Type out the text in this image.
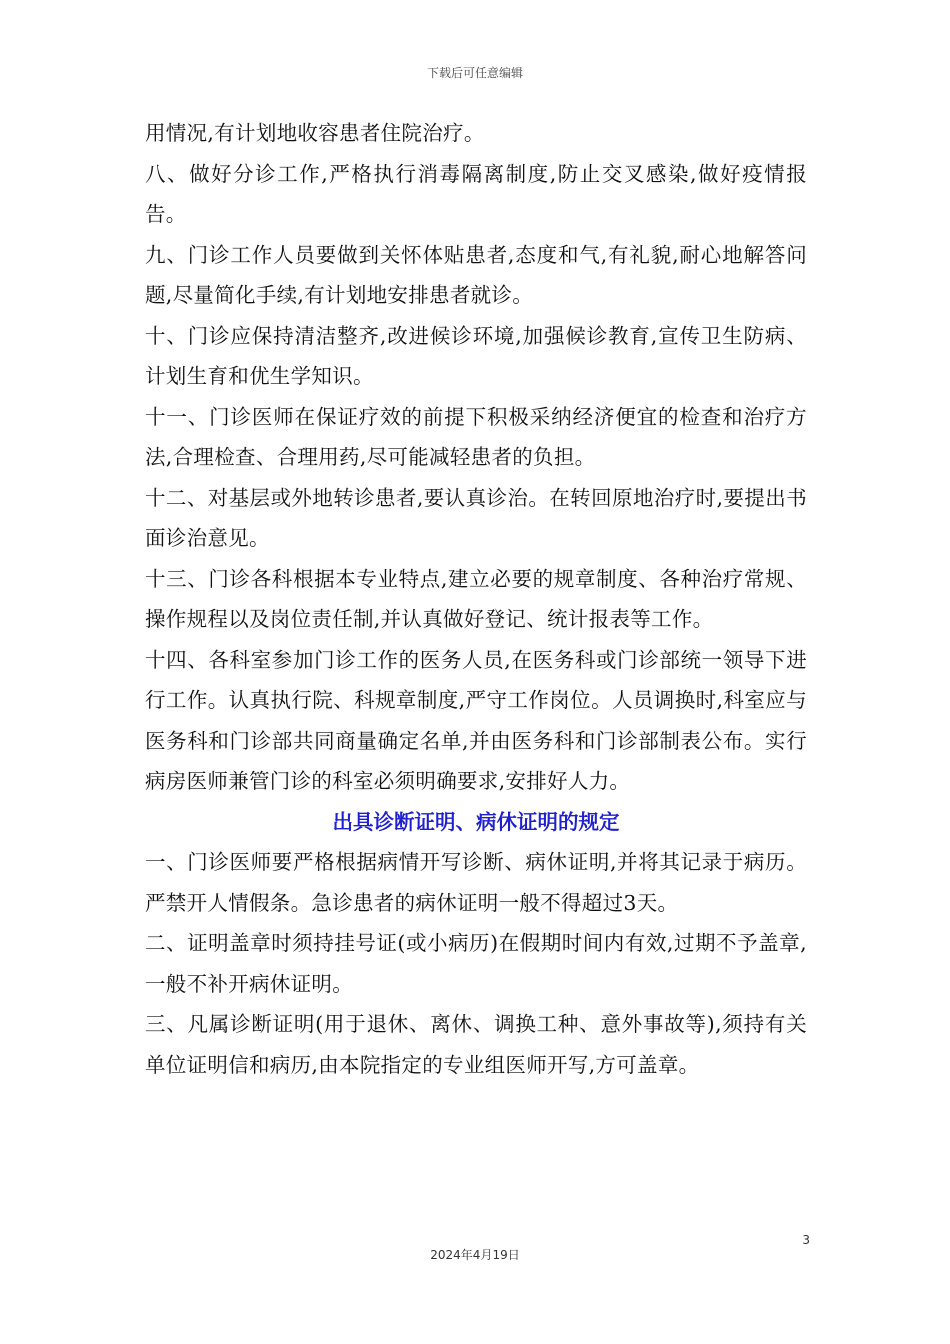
下载后可任意编辑

用情况,有计划地收容患者住院治疗。

八、做好分诊工作,严格执行消毒隔离制度,防止交叉感染,做好疫情报告。

九、门诊工作人员要做到关怀体贴患者,态度和气,有礼貌,耐心地解答问题,尽量简化手续,有计划地安排患者就诊。

十、门诊应保持清洁整齐,改进候诊环境,加强候诊教育,宣传卫生防病、计划生育和优生学知识。

十一、门诊医师在保证疗效的前提下积极采纳经济便宜的检查和治疗方法,合理检查、合理用药,尽可能减轻患者的负担。

十二、对基层或外地转诊患者,要认真诊治。在转回原地治疗时,要提出书面诊治意见。

十三、门诊各科根据本专业特点,建立必要的规章制度、各种治疗常规、操作规程以及岗位责任制,并认真做好登记、统计报表等工作。

十四、各科室参加门诊工作的医务人员,在医务科或门诊部统一领导下进行工作。认真执行院、科规章制度,严守工作岗位。人员调换时,科室应与医务科和门诊部共同商量确定名单,并由医务科和门诊部制表公布。实行病房医师兼管门诊的科室必须明确要求,安排好人力。

出具诊断证明、病休证明的规定

一、门诊医师要严格根据病情开写诊断、病休证明,并将其记录于病历。严禁开人情假条。急诊患者的病休证明一般不得超过3天。

二、证明盖章时须持挂号证(或小病历)在假期时间内有效,过期不予盖章,一般不补开病休证明。

三、凡属诊断证明(用于退休、离休、调换工种、意外事故等),须持有关单位证明信和病历,由本院指定的专业组医师开写,方可盖章。

3
2024年4月19日
